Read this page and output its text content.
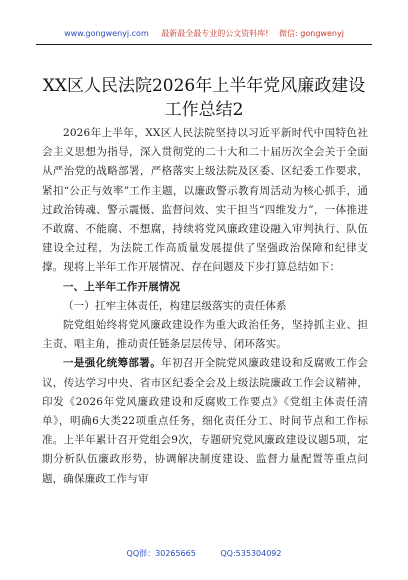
www.gongwenyj.com 最新最全最专业的公文资料库! 微信: gongwenyj
XX区人民法院2026年上半年党风廉政建设工作总结2

2026年上半年，XX区人民法院坚持以习近平新时代中国特色社会主义思想为指导，深入贯彻党的二十大和二十届历次全会关于全面从严治党的战略部署，严格落实上级法院及区委、区纪委工作要求，紧扣“公正与效率”工作主题，以廉政警示教育周活动为核心抓手，通过政治铸魂、警示震慑、监督问效、实干担当“四维发力”，一体推进不敢腐、不能腐、不想腐，持续将党风廉政建设融入审判执行、队伍建设全过程，为法院工作高质量发展提供了坚强政治保障和纪律支撑。现将上半年工作开展情况、存在问题及下步打算总结如下：

一、上半年工作开展情况

（一）扛牢主体责任，构建层级落实的责任体系

院党组始终将党风廉政建设作为重大政治任务，坚持抓主业、担主责、唱主角，推动责任链条层层传导、闭环落实。

一是强化统筹部署。年初召开全院党风廉政建设和反腐败工作会议，传达学习中央、省市区纪委全会及上级法院廉政工作会议精神，印发《2026年党风廉政建设和反腐败工作要点》《党组主体责任清单》，明确6大类22项重点任务，细化责任分工、时间节点和工作标准。上半年累计召开党组会9次，专题研究党风廉政建设议题5项，定期分析队伍廉政形势，协调解决制度建设、监督力量配置等重点问题，确保廉政工作与审

QQ群：30265665	QQ:535304092
